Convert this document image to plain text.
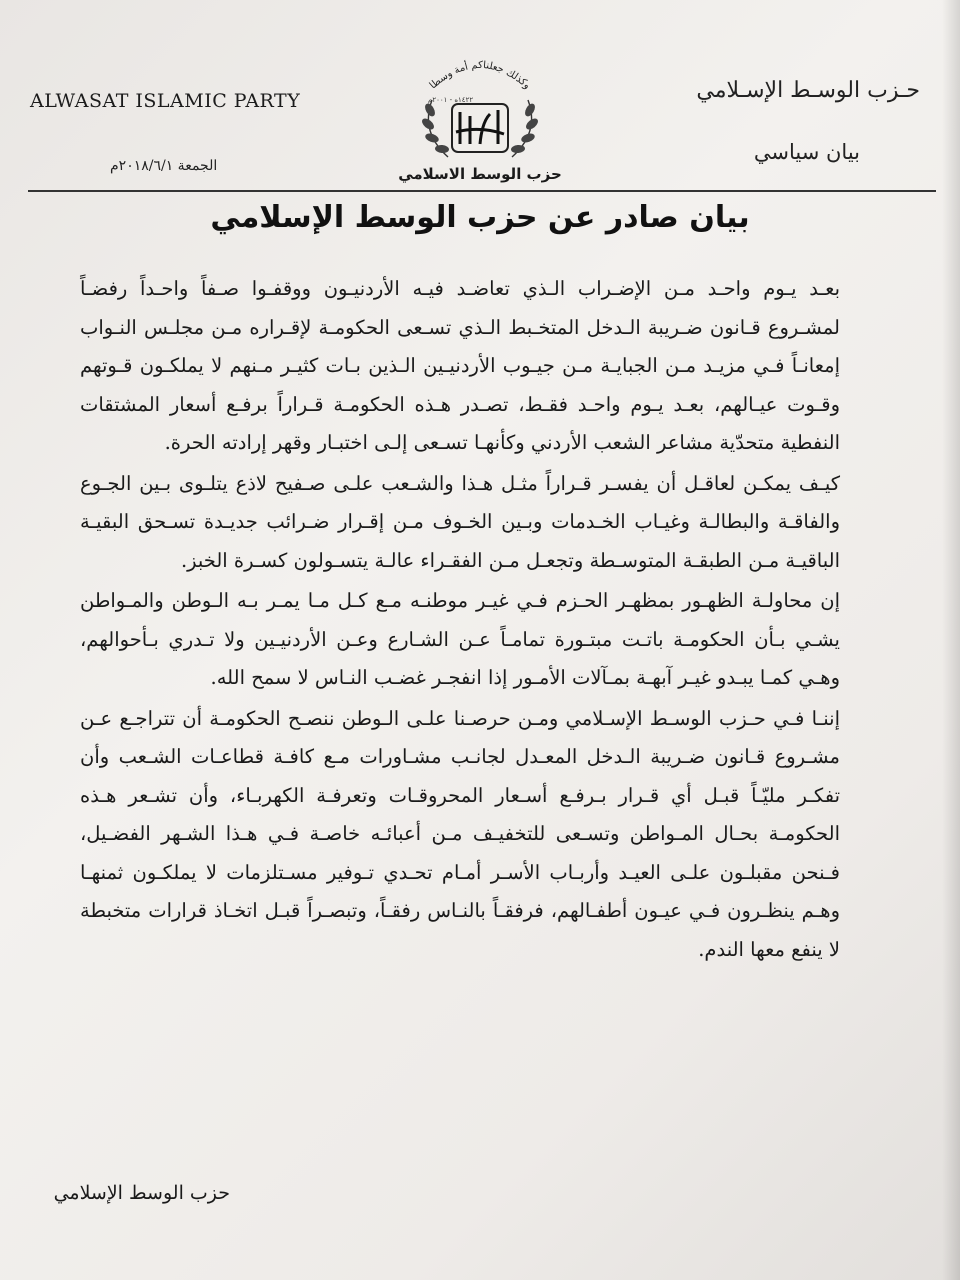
ALWASAT ISLAMIC PARTY
الجمعة ٢٠١٨/٦/١م
حـزب الوسـط الإسـلامي
بيان سياسي
وكذلك جعلناكم أمة وسطا
١٤٢٢ه - ٢٠٠١م
حزب الوسط الاسلامي
بيان صادر عن حزب الوسط الإسلامي

بعـد يـوم واحـد مـن الإضـراب الـذي تعاضـد فيـه الأردنيـون ووقفـوا صـفاً واحـداً رفضـاً لمشـروع قـانون ضـريبة الـدخل المتخـبط الـذي تسـعى الحكومـة لإقـراره مـن مجلـس النـواب إمعانـاً فـي مزيـد مـن الجبايـة مـن جيـوب الأردنيـين الـذين بـات كثيـر مـنهم لا يملكـون قـوتهم وقـوت عيـالهم، بعـد يـوم واحـد فقـط، تصـدر هـذه الحكومـة قـراراً برفـع أسعار المشتقات النفطية متحدّية مشاعر الشعب الأردني وكأنهـا تسـعى إلـى اختبـار وقهر إرادته الحرة.

كيـف يمكـن لعاقـل أن يفسـر قـراراً مثـل هـذا والشـعب علـى صـفيح لاذع يتلـوى بـين الجـوع والفاقـة والبطالـة وغيـاب الخـدمات وبـين الخـوف مـن إقـرار ضـرائب جديـدة تسـحق البقيـة الباقيـة مـن الطبقـة المتوسـطة وتجعـل مـن الفقـراء عالـة يتسـولون كسـرة الخبز.

إن محاولـة الظهـور بمظهـر الحـزم فـي غيـر موطنـه مـع كـل مـا يمـر بـه الـوطن والمـواطن يشـي بـأن الحكومـة باتـت مبتـورة تمامـاً عـن الشـارع وعـن الأردنيـين ولا تـدري بـأحوالهم، وهـي كمـا يبـدو غيـر آبهـة بمـآلات الأمـور إذا انفجـر غضـب النـاس لا سمح الله.

إننـا فـي حـزب الوسـط الإسـلامي ومـن حرصـنا علـى الـوطن ننصـح الحكومـة أن تتراجـع عـن مشـروع قـانون ضـريبة الـدخل المعـدل لجانـب مشـاورات مـع كافـة قطاعـات الشـعب وأن تفكـر مليّـاً قبـل أي قـرار بـرفـع أسـعار المحروقـات وتعرفـة الكهربـاء، وأن تشـعر هـذه الحكومـة بحـال المـواطن وتسـعى للتخفيـف مـن أعبائـه خاصـة فـي هـذا الشـهر الفضـيل، فـنحن مقبلـون علـى العيـد وأربـاب الأسـر أمـام تحـدي تـوفير مسـتلزمات لا يملكـون ثمنهـا وهـم ينظـرون فـي عيـون أطفـالهم، فرفقـاً بالنـاس رفقـاً، وتبصـراً قبـل اتخـاذ قرارات متخبطة لا ينفع معها الندم.

حزب الوسط الإسلامي
